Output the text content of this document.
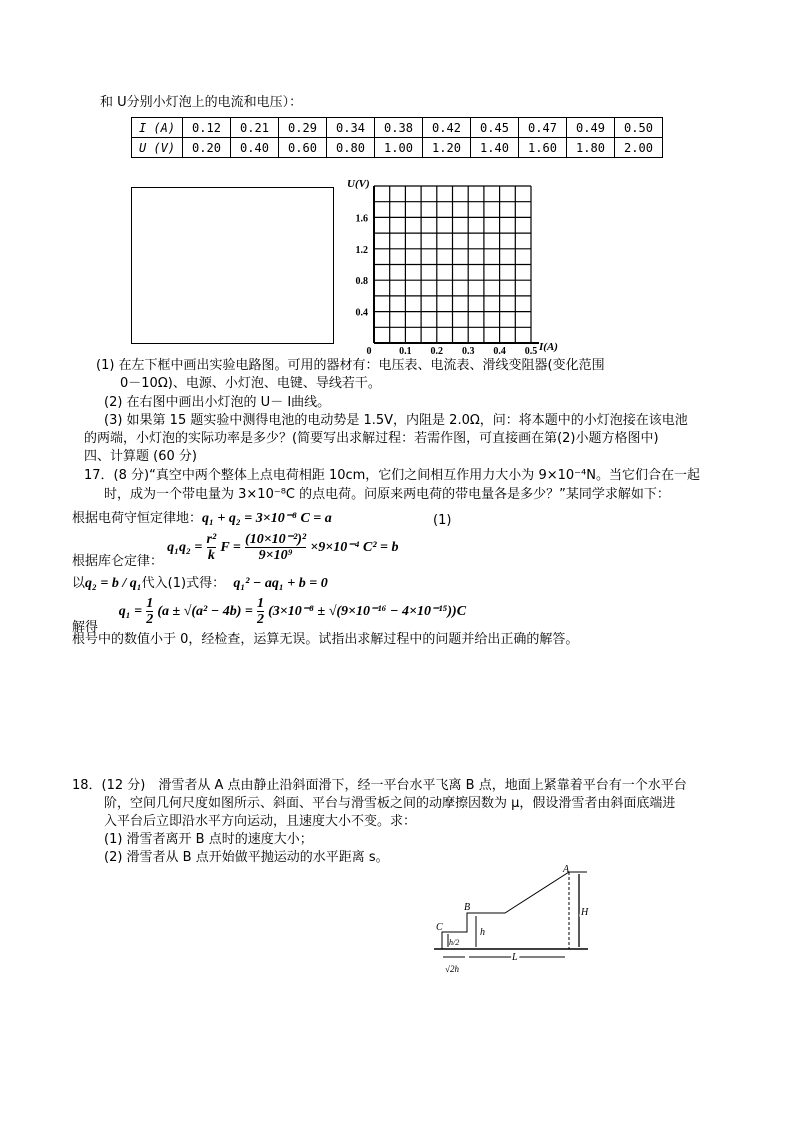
和 U分别小灯泡上的电流和电压）：
I (A)	0.12	0.21	0.29	0.34	0.38	0.42	0.45	0.47	0.49	0.50
U (V)	0.20	0.40	0.60	0.80	1.00	1.20	1.40	1.60	1.80	2.00
U(V)
I(A)
0.4
0.8
1.2
1.6
0	0.1 0.2 0.3 0.4 0.5
(1) 在左下框中画出实验电路图。可用的器材有：电压表、电流表、滑线变阻器(变化范围
0－10Ω)、电源、小灯泡、电键、导线若干。
(2) 在右图中画出小灯泡的 U－ I曲线。
(3) 如果第 15 题实验中测得电池的电动势是 1.5V，内阻是 2.0Ω，问：将本题中的小灯泡接在该电池
的两端，小灯泡的实际功率是多少？(简要写出求解过程：若需作图，可直接画在第(2)小题方格图中)
四、计算题 (60 分)
17．(8 分)“真空中两个整体上点电荷相距 10cm，它们之间相互作用力大小为 9×10⁻⁴N。当它们合在一起
时，成为一个带电量为 3×10⁻⁸C 的点电荷。问原来两电荷的带电量各是多少？”某同学求解如下：
根据电荷守恒定律地：q₁ + q₂ = 3×10⁻⁸ C = a	(1)
根据库仑定律： $q_1q_2 = \frac{\text{r²}}{k}$ $F = \frac{\text{(10×10⁻²)²}}{\text{9×10⁹}} \times 9\times 10^{-4}$ C² = b
以q₂ = b / q₁代入(1)式得： q₁² − aq₁ + b = 0
解得     $q_1 = \frac{1}{2} (a \pm √(a^2 - 4b) = \frac{1}{2} (3\times 10^{-8} \pm √(9\times 10^{-16} - 4\times 10^{-15}))C$
根号中的数值小于 0，经检查，运算无误。试指出求解过程中的问题并给出正确的解答。
18．(12 分)　滑雪者从 A 点由静止沿斜面滑下，经一平台水平飞离 B 点，地面上紧靠着平台有一个水平台
阶，空间几何尺度如图所示、斜面、平台与滑雪板之间的动摩擦因数为 μ，假设滑雪者由斜面底端进
入平台后立即沿水平方向运动，且速度大小不变。求：
(1) 滑雪者离开 B 点时的速度大小；
(2) 滑雪者从 B 点开始做平抛运动的水平距离 s。
A
B
C
H
h
h/2
L
√2h
